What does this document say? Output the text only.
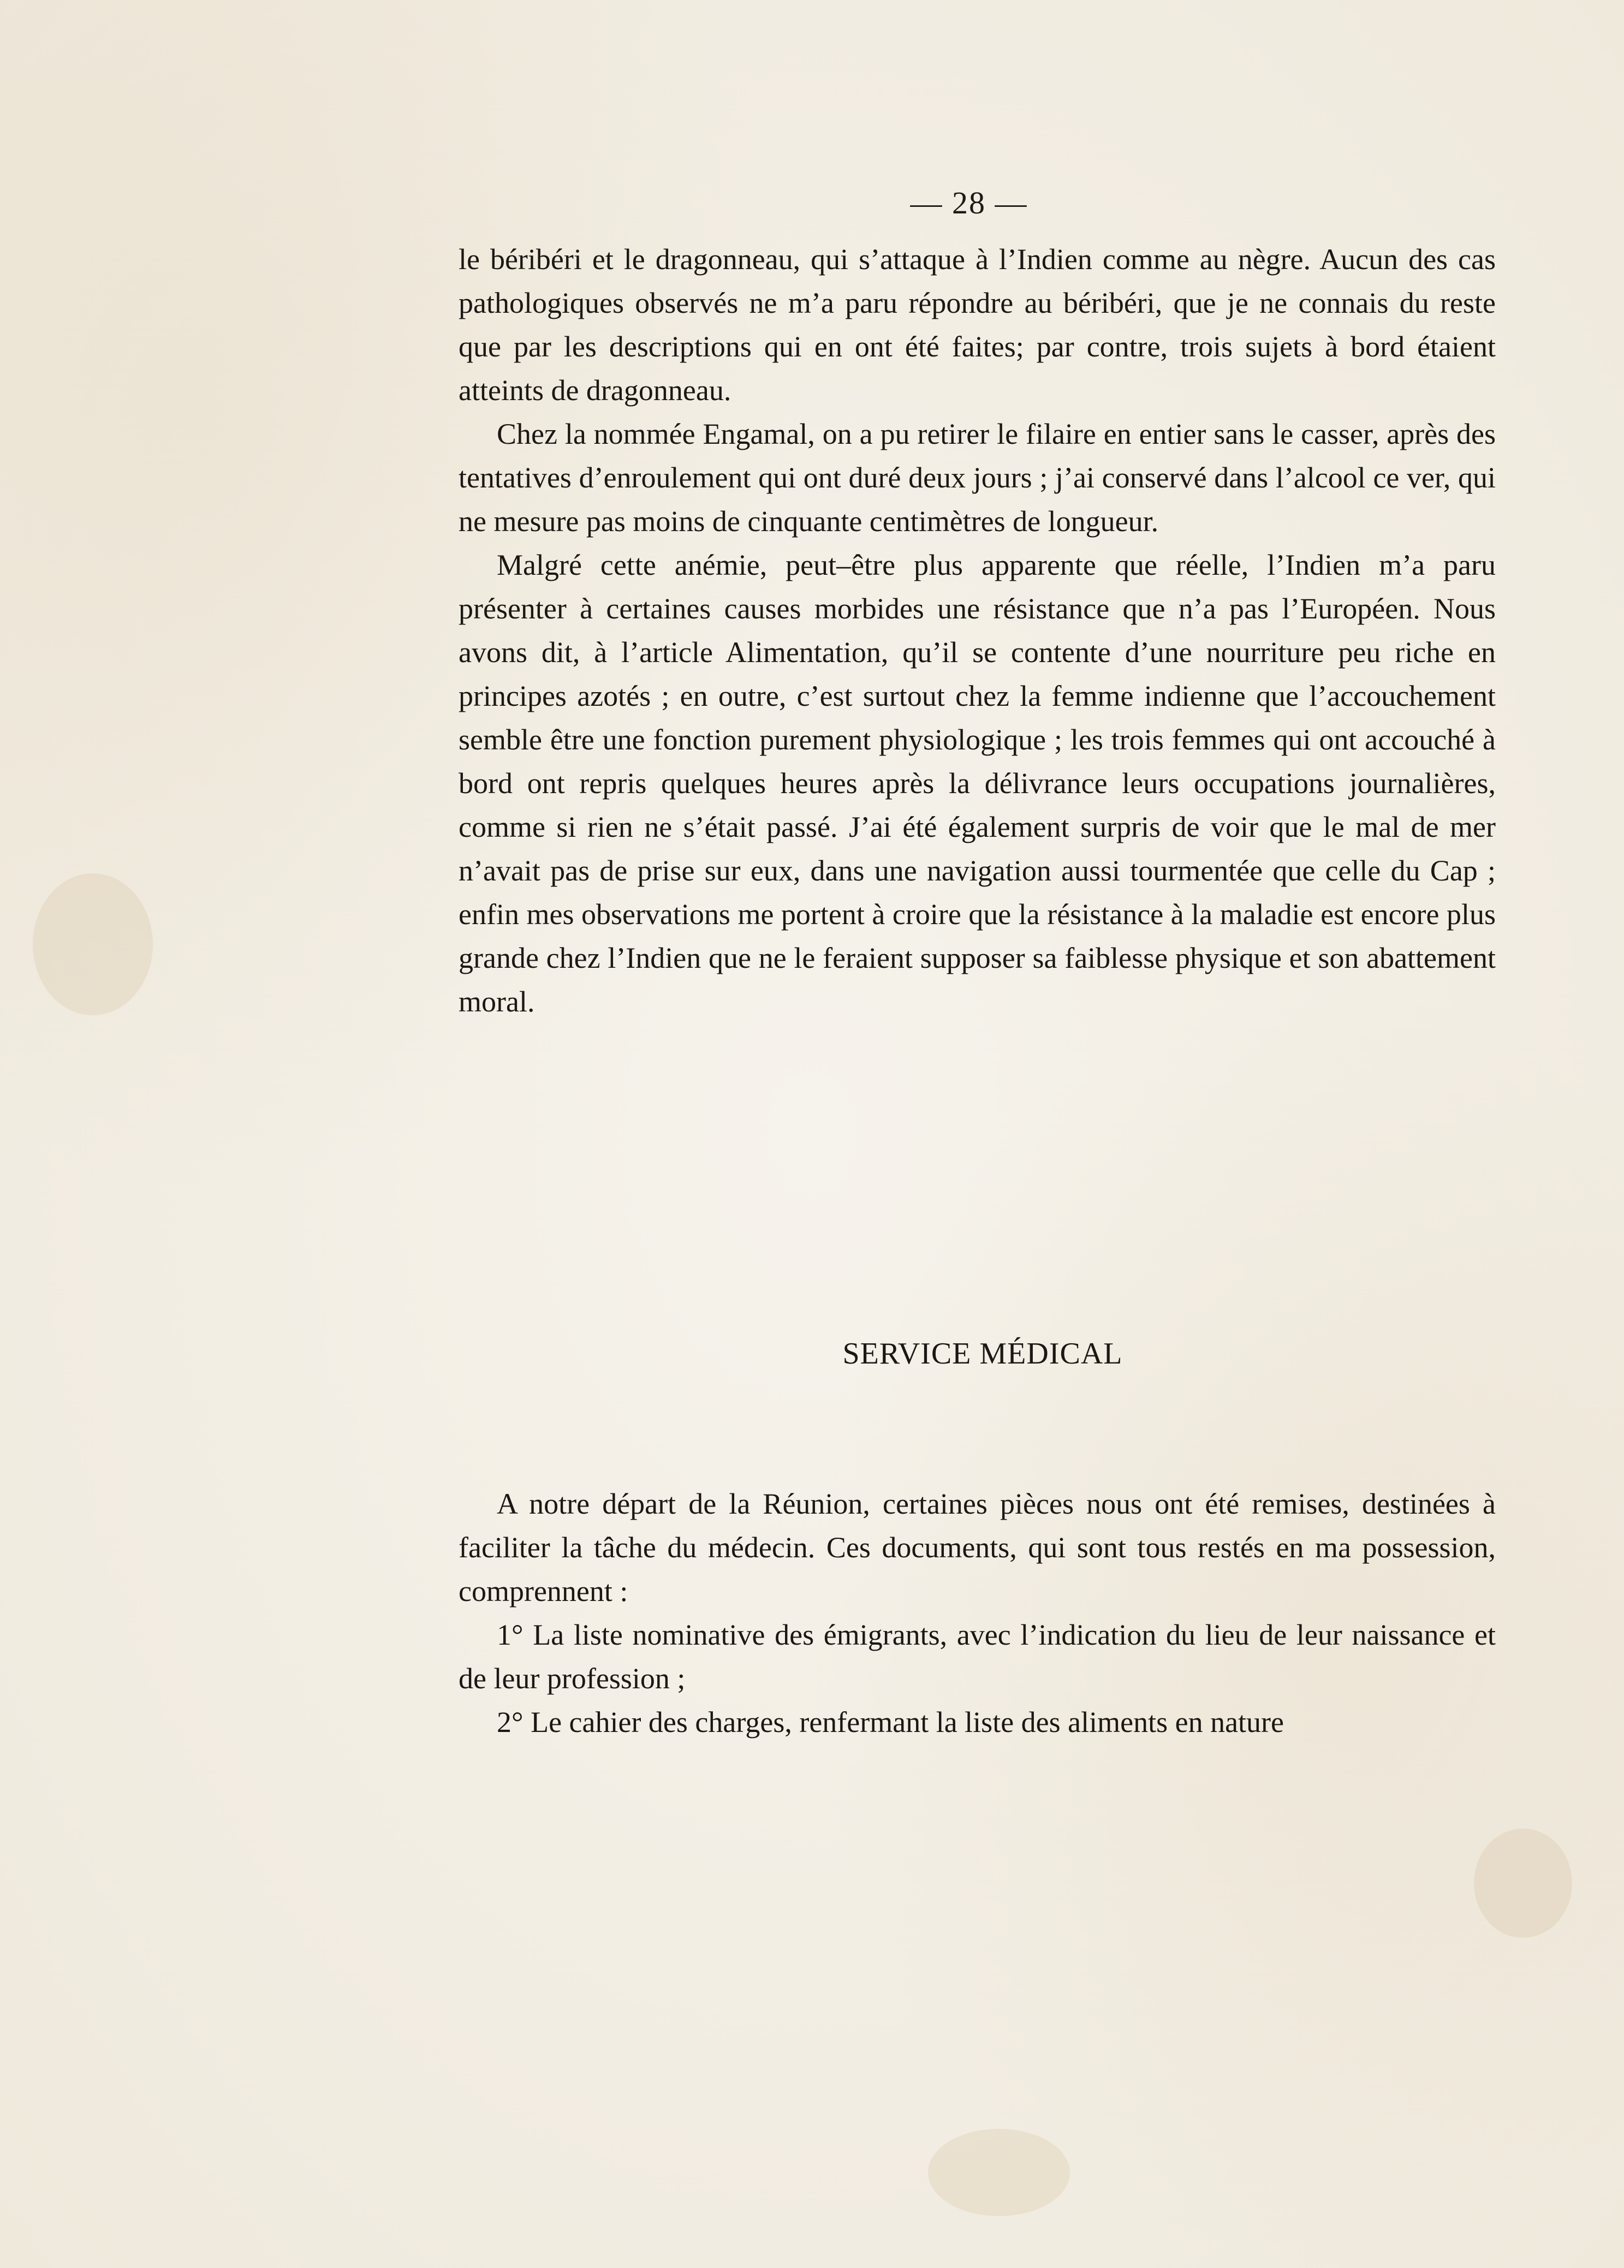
— 28 —

le béribéri et le dragonneau, qui s’attaque à l’Indien comme au nègre. Aucun des cas pathologiques observés ne m’a paru répondre au béribéri, que je ne connais du reste que par les descriptions qui en ont été faites; par contre, trois sujets à bord étaient atteints de dragonneau.

Chez la nommée Engamal, on a pu retirer le filaire en entier sans le casser, après des tentatives d’enroulement qui ont duré deux jours ; j’ai conservé dans l’alcool ce ver, qui ne mesure pas moins de cinquante centimètres de longueur.

Malgré cette anémie, peut–être plus apparente que réelle, l’Indien m’a paru présenter à certaines causes morbides une résistance que n’a pas l’Européen. Nous avons dit, à l’article Alimentation, qu’il se contente d’une nourriture peu riche en principes azotés ; en outre, c’est surtout chez la femme indienne que l’accouchement semble être une fonction purement physiologique ; les trois femmes qui ont accouché à bord ont repris quelques heures après la délivrance leurs occupations journalières, comme si rien ne s’était passé. J’ai été également surpris de voir que le mal de mer n’avait pas de prise sur eux, dans une navigation aussi tourmentée que celle du Cap ; enfin mes observations me portent à croire que la résistance à la maladie est encore plus grande chez l’Indien que ne le feraient supposer sa faiblesse physique et son abattement moral.

SERVICE MÉDICAL

A notre départ de la Réunion, certaines pièces nous ont été remises, destinées à faciliter la tâche du médecin. Ces documents, qui sont tous restés en ma possession, comprennent :

1° La liste nominative des émigrants, avec l’indication du lieu de leur naissance et de leur profession ;

2° Le cahier des charges, renfermant la liste des aliments en nature
